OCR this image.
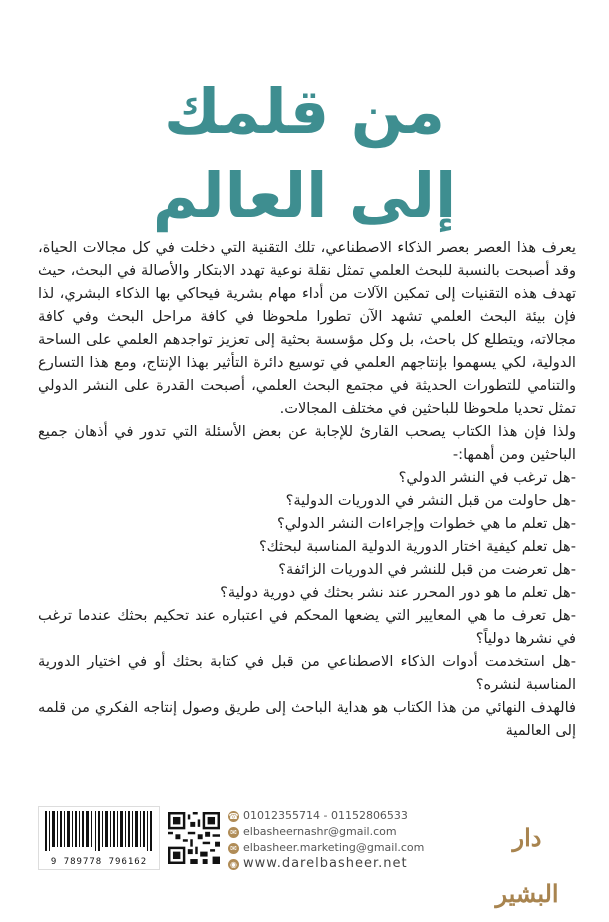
من قلمك
إلى العالم

يعرف هذا العصر بعصر الذكاء الاصطناعي، تلك التقنية التي دخلت في كل مجالات الحياة، وقد أصبحت بالنسبة للبحث العلمي تمثل نقلة نوعية تهدد الابتكار والأصالة في البحث، حيث تهدف هذه التقنيات إلى تمكين الآلات من أداء مهام بشرية فيحاكي بها الذكاء البشري، لذا فإن بيئة البحث العلمي تشهد الآن تطورا ملحوظا في كافة مراحل البحث وفي كافة مجالاته، ويتطلع كل باحث، بل وكل مؤسسة بحثية إلى تعزيز تواجدهم العلمي على الساحة الدولية، لكي يسهموا بإنتاجهم العلمي في توسيع دائرة التأثير بهذا الإنتاج، ومع هذا التسارع والتنامي للتطورات الحديثة في مجتمع البحث العلمي، أصبحت القدرة على النشر الدولي تمثل تحديا ملحوظا للباحثين في مختلف المجالات.

ولذا فإن هذا الكتاب يصحب القارئ للإجابة عن بعض الأسئلة التي تدور في أذهان جميع الباحثين ومن أهمها:-

-هل ترغب في النشر الدولي؟

-هل حاولت من قبل النشر في الدوريات الدولية؟

-هل تعلم ما هي خطوات وإجراءات النشر الدولي؟

-هل تعلم كيفية اختار الدورية الدولية المناسبة لبحثك؟

-هل تعرضت من قبل للنشر في الدوريات الزائفة؟

-هل تعلم ما هو دور المحرر عند نشر بحثك في دورية دولية؟

-هل تعرف ما هي المعايير التي يضعها المحكم في اعتباره عند تحكيم بحثك عندما ترغب في نشرها دولياً؟

-هل استخدمت أدوات الذكاء الاصطناعي من قبل في كتابة بحثك أو في اختيار الدورية المناسبة لنشره؟

فالهدف النهائي من هذا الكتاب هو هداية الباحث إلى طريق وصول إنتاجه الفكري من قلمه إلى العالمية

9 789778 796162
☎ 01012355714 - 01152806533
✉ elbasheernashr@gmail.com
✉ elbasheer.marketing@gmail.com
◉ www.darelbasheer.net
دار البشير
